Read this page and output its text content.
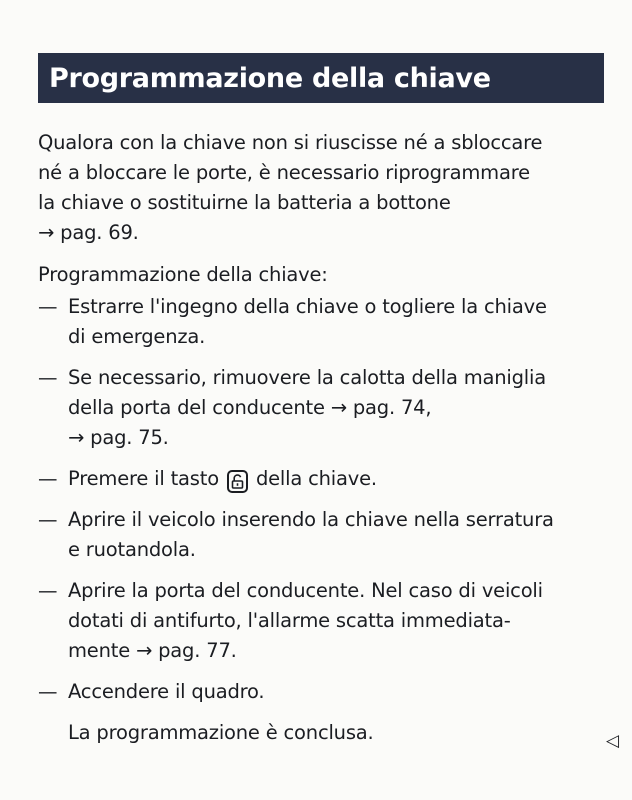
Programmazione della chiave

Qualora con la chiave non si riuscisse né a sbloccare
né a bloccare le porte, è necessario riprogrammare
la chiave o sostituirne la batteria a bottone
→ pag. 69.

Programmazione della chiave:

— Estrarre l'ingegno della chiave o togliere la chiave
di emergenza.
— Se necessario, rimuovere la calotta della maniglia
della porta del conducente → pag. 74,
→ pag. 75.
— Premere il tasto della chiave.
— Aprire il veicolo inserendo la chiave nella serratura
e ruotandola.
— Aprire la porta del conducente. Nel caso di veicoli
dotati di antifurto, l'allarme scatta immediata-
mente → pag. 77.
— Accendere il quadro.
La programmazione è conclusa.	◁
